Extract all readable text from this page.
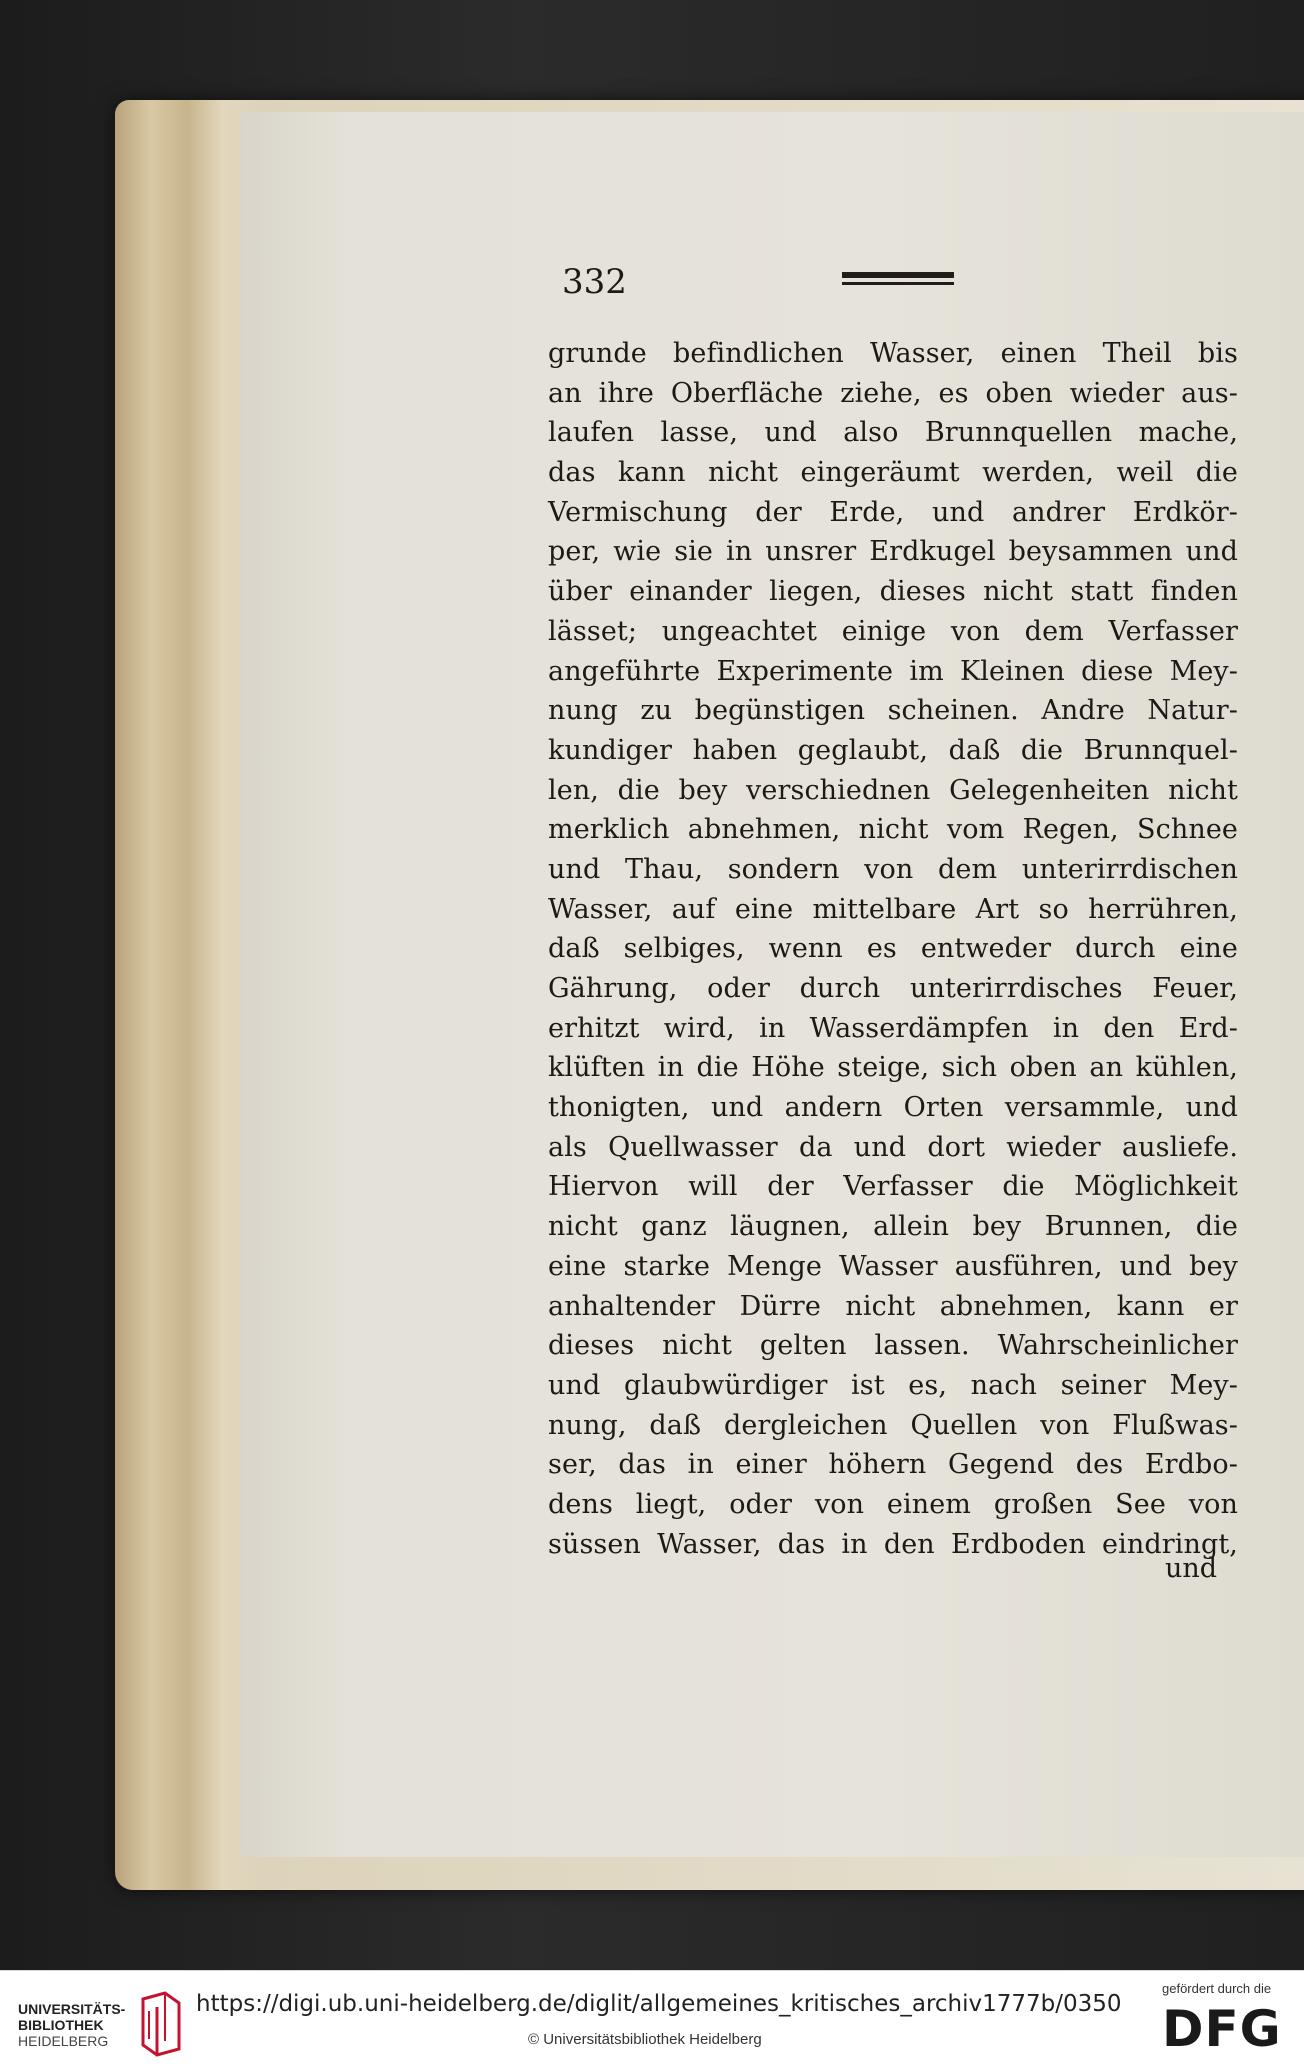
332
grunde befindlichen Wasser, einen Theil bis
an ihre Oberfläche ziehe, es oben wieder aus-
laufen lasse, und also Brunnquellen mache,
das kann nicht eingeräumt werden, weil die
Vermischung der Erde, und andrer Erdkör-
per, wie sie in unsrer Erdkugel beysammen und
über einander liegen, dieses nicht statt finden
lässet; ungeachtet einige von dem Verfasser
angeführte Experimente im Kleinen diese Mey-
nung zu begünstigen scheinen. Andre Natur-
kundiger haben geglaubt, daß die Brunnquel-
len, die bey verschiednen Gelegenheiten nicht
merklich abnehmen, nicht vom Regen, Schnee
und Thau, sondern von dem unterirrdischen
Wasser, auf eine mittelbare Art so herrühren,
daß selbiges, wenn es entweder durch eine
Gährung, oder durch unterirrdisches Feuer,
erhitzt wird, in Wasserdämpfen in den Erd-
klüften in die Höhe steige, sich oben an kühlen,
thonigten, und andern Orten versammle, und
als Quellwasser da und dort wieder ausliefe.
Hiervon will der Verfasser die Möglichkeit
nicht ganz läugnen, allein bey Brunnen, die
eine starke Menge Wasser ausführen, und bey
anhaltender Dürre nicht abnehmen, kann er
dieses nicht gelten lassen. Wahrscheinlicher
und glaubwürdiger ist es, nach seiner Mey-
nung, daß dergleichen Quellen von Flußwas-
ser, das in einer höhern Gegend des Erdbo-
dens liegt, oder von einem großen See von
süssen Wasser, das in den Erdboden eindringt,
und
UNIVERSITÄTS-
BIBLIOTHEK
HEIDELBERG
https://digi.ub.uni-heidelberg.de/diglit/allgemeines_kritisches_archiv1777b/0350
© Universitätsbibliothek Heidelberg
gefördert durch die
DFG
